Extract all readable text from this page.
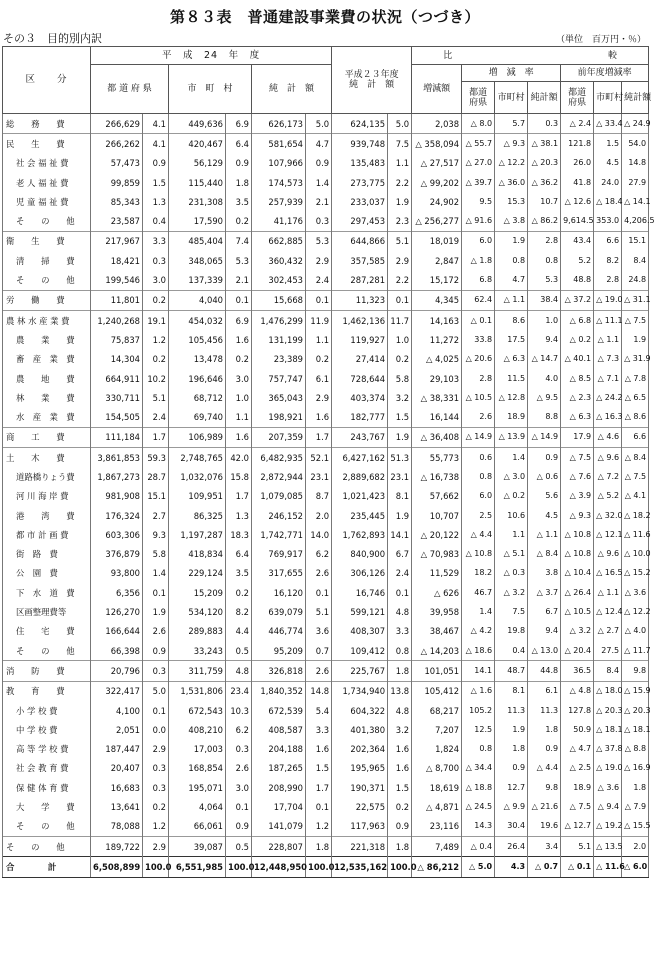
第８３表　普通建設事業費の状況（つづき）
その３　目的別内訳	（単位　百万円・％）
区　　分	平　成　24　年　度						平成２３年度
純　計　額		比 較						
	都 道 府 県		市　町　村		純　計　額				増減額	増　減　率			前年度増減率		
										都道府県	市町村	純計額	都道府県	市町村	純計額
総　　務　　費	266,629	4.1	449,636	6.9	626,173	5.0	624,135	5.0	2,038	△ 8.0	5.7	0.3	△ 2.4	△ 33.4	△ 24.9
民　　生　　費	266,262	4.1	420,467	6.4	581,654	4.7	939,748	7.5	△ 358,094	△ 55.7	△ 9.3	△ 38.1	121.8	1.5	54.0
社 会 福 祉 費	57,473	0.9	56,129	0.9	107,966	0.9	135,483	1.1	△ 27,517	△ 27.0	△ 12.2	△ 20.3	26.0	4.5	14.8
老 人 福 祉 費	99,859	1.5	115,440	1.8	174,573	1.4	273,775	2.2	△ 99,202	△ 39.7	△ 36.0	△ 36.2	41.8	24.0	27.9
児 童 福 祉 費	85,343	1.3	231,308	3.5	257,939	2.1	233,037	1.9	24,902	9.5	15.3	10.7	△ 12.6	△ 18.4	△ 14.1
そ　　の　　他	23,587	0.4	17,590	0.2	41,176	0.3	297,453	2.3	△ 256,277	△ 91.6	△ 3.8	△ 86.2	9,614.5	353.0	4,206.5
衛　　生　　費	217,967	3.3	485,404	7.4	662,885	5.3	644,866	5.1	18,019	6.0	1.9	2.8	43.4	6.6	15.1
清　　掃　　費	18,421	0.3	348,065	5.3	360,432	2.9	357,585	2.9	2,847	△ 1.8	0.8	0.8	5.2	8.2	8.4
そ　　の　　他	199,546	3.0	137,339	2.1	302,453	2.4	287,281	2.2	15,172	6.8	4.7	5.3	48.8	2.8	24.8
労　　働　　費	11,801	0.2	4,040	0.1	15,668	0.1	11,323	0.1	4,345	62.4	△ 1.1	38.4	△ 37.2	△ 19.0	△ 31.1
農 林 水 産 業 費	1,240,268	19.1	454,032	6.9	1,476,299	11.9	1,462,136	11.7	14,163	△ 0.1	8.6	1.0	△ 6.8	△ 11.1	△ 7.5
農　　業　　費	75,837	1.2	105,456	1.6	131,199	1.1	119,927	1.0	11,272	33.8	17.5	9.4	△ 0.2	△ 1.1	1.9
畜　産　業　費	14,304	0.2	13,478	0.2	23,389	0.2	27,414	0.2	△ 4,025	△ 20.6	△ 6.3	△ 14.7	△ 40.1	△ 7.3	△ 31.9
農　　地　　費	664,911	10.2	196,646	3.0	757,747	6.1	728,644	5.8	29,103	2.8	11.5	4.0	△ 8.5	△ 7.1	△ 7.8
林　　業　　費	330,711	5.1	68,712	1.0	365,043	2.9	403,374	3.2	△ 38,331	△ 10.5	△ 12.8	△ 9.5	△ 2.3	△ 24.2	△ 6.5
水　産　業　費	154,505	2.4	69,740	1.1	198,921	1.6	182,777	1.5	16,144	2.6	18.9	8.8	△ 6.3	△ 16.3	△ 8.6
商　　工　　費	111,184	1.7	106,989	1.6	207,359	1.7	243,767	1.9	△ 36,408	△ 14.9	△ 13.9	△ 14.9	17.9	△ 4.6	6.6
土　　木　　費	3,861,853	59.3	2,748,765	42.0	6,482,935	52.1	6,427,162	51.3	55,773	0.6	1.4	0.9	△ 7.5	△ 9.6	△ 8.4
道路橋りょう費	1,867,273	28.7	1,032,076	15.8	2,872,944	23.1	2,889,682	23.1	△ 16,738	0.8	△ 3.0	△ 0.6	△ 7.6	△ 7.2	△ 7.5
河 川 海 岸 費	981,908	15.1	109,951	1.7	1,079,085	8.7	1,021,423	8.1	57,662	6.0	△ 0.2	5.6	△ 3.9	△ 5.2	△ 4.1
港　　湾　　費	176,324	2.7	86,325	1.3	246,152	2.0	235,445	1.9	10,707	2.5	10.6	4.5	△ 9.3	△ 32.0	△ 18.2
都 市 計 画 費	603,306	9.3	1,197,287	18.3	1,742,771	14.0	1,762,893	14.1	△ 20,122	△ 4.4	1.1	△ 1.1	△ 10.8	△ 12.1	△ 11.6
街　路　費	376,879	5.8	418,834	6.4	769,917	6.2	840,900	6.7	△ 70,983	△ 10.8	△ 5.1	△ 8.4	△ 10.8	△ 9.6	△ 10.0
公　園　費	93,800	1.4	229,124	3.5	317,655	2.6	306,126	2.4	11,529	18.2	△ 0.3	3.8	△ 10.4	△ 16.5	△ 15.2
下　水　道　費	6,356	0.1	15,209	0.2	16,120	0.1	16,746	0.1	△ 626	46.7	△ 3.2	△ 3.7	△ 26.4	△ 1.1	△ 3.6
区画整理費等	126,270	1.9	534,120	8.2	639,079	5.1	599,121	4.8	39,958	1.4	7.5	6.7	△ 10.5	△ 12.4	△ 12.2
住　　宅　　費	166,644	2.6	289,883	4.4	446,774	3.6	408,307	3.3	38,467	△ 4.2	19.8	9.4	△ 3.2	△ 2.7	△ 4.0
そ　　の　　他	66,398	0.9	33,243	0.5	95,209	0.7	109,412	0.8	△ 14,203	△ 18.6	0.4	△ 13.0	△ 20.4	27.5	△ 11.7
消　　防　　費	20,796	0.3	311,759	4.8	326,818	2.6	225,767	1.8	101,051	14.1	48.7	44.8	36.5	8.4	9.8
教　　育　　費	322,417	5.0	1,531,806	23.4	1,840,352	14.8	1,734,940	13.8	105,412	△ 1.6	8.1	6.1	△ 4.8	△ 18.0	△ 15.9
小 学 校 費	4,100	0.1	672,543	10.3	672,539	5.4	604,322	4.8	68,217	105.2	11.3	11.3	127.8	△ 20.3	△ 20.3
中 学 校 費	2,051	0.0	408,210	6.2	408,587	3.3	401,380	3.2	7,207	12.5	1.9	1.8	50.9	△ 18.1	△ 18.1
高 等 学 校 費	187,447	2.9	17,003	0.3	204,188	1.6	202,364	1.6	1,824	0.8	1.8	0.9	△ 4.7	△ 37.8	△ 8.8
社 会 教 育 費	20,407	0.3	168,854	2.6	187,265	1.5	195,965	1.6	△ 8,700	△ 34.4	0.9	△ 4.4	△ 2.5	△ 19.0	△ 16.9
保 健 体 育 費	16,683	0.3	195,071	3.0	208,990	1.7	190,371	1.5	18,619	△ 18.8	12.7	9.8	18.9	△ 3.6	1.8
大　　学　　費	13,641	0.2	4,064	0.1	17,704	0.1	22,575	0.2	△ 4,871	△ 24.5	△ 9.9	△ 21.6	△ 7.5	△ 9.4	△ 7.9
そ　　の　　他	78,088	1.2	66,061	0.9	141,079	1.2	117,963	0.9	23,116	14.3	30.4	19.6	△ 12.7	△ 19.2	△ 15.5
そ　　の　　他	189,722	2.9	39,087	0.5	228,807	1.8	221,318	1.8	7,489	△ 0.4	26.4	3.4	5.1	△ 13.5	2.0
合　　　　計	6,508,899	100.0	6,551,985	100.0	12,448,950	100.0	12,535,162	100.0	△ 86,212	△ 5.0	4.3	△ 0.7	△ 0.1	△ 11.6	△ 6.0
